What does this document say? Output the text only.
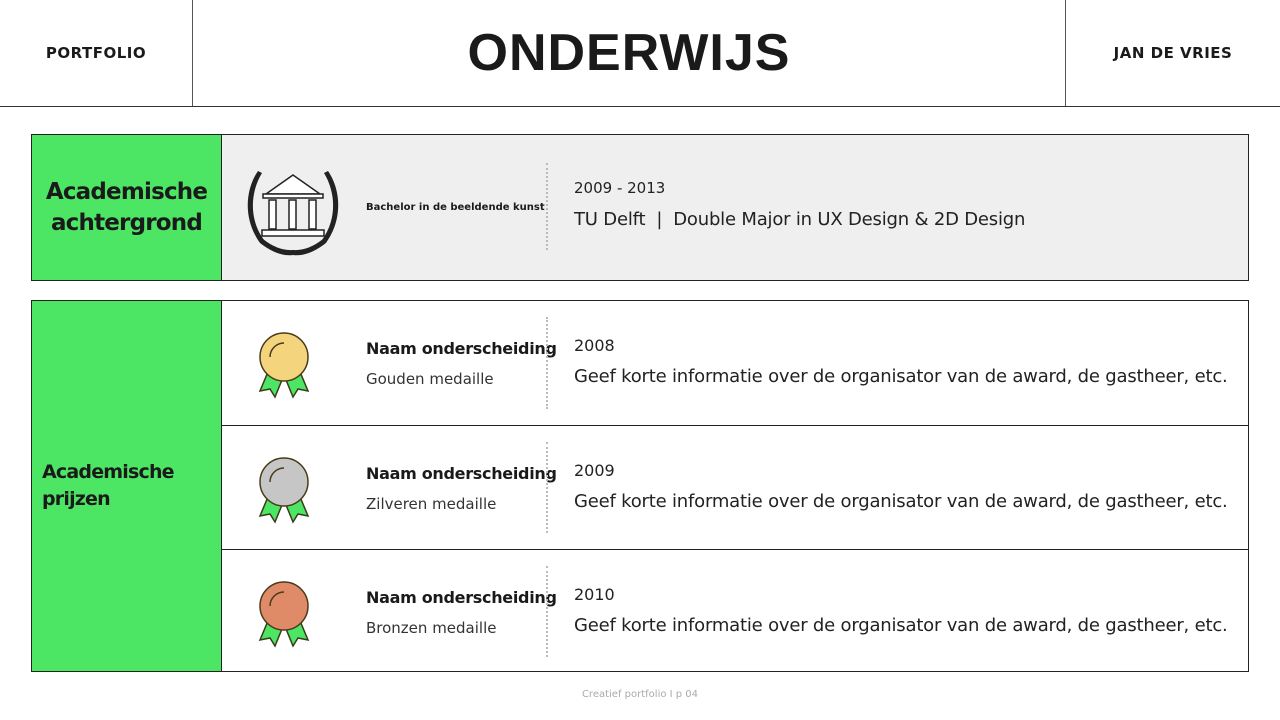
PORTFOLIO	ONDERWIJS	JAN DE VRIES
Academische achtergrond
Bachelor in de beeldende kunst
2009 - 2013
TU Delft  |  Double Major in UX Design & 2D Design
Academische prijzen
Naam onderscheiding
Gouden medaille
2008
Geef korte informatie over de organisator van de award, de gastheer, etc.
Naam onderscheiding
Zilveren medaille
2009
Geef korte informatie over de organisator van de award, de gastheer, etc.
Naam onderscheiding
Bronzen medaille
2010
Geef korte informatie over de organisator van de award, de gastheer, etc.
Creatief portfolio I p 04
